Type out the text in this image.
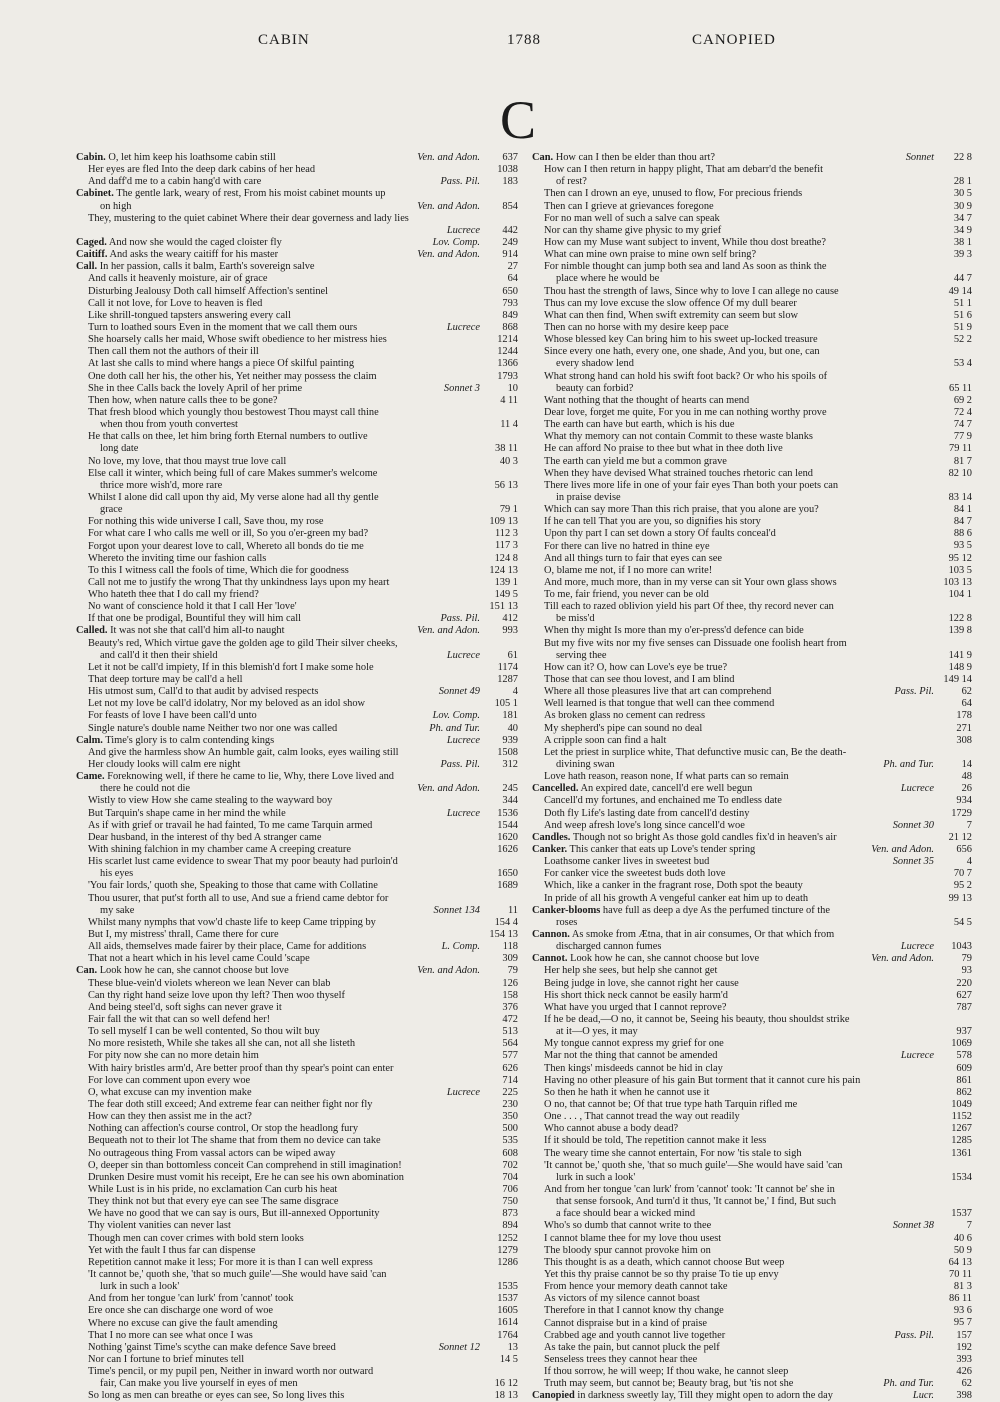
CABIN	1788	CANOPIED
C
Cabin. O, let him keep his loathsome cabin still	Ven. and Adon.	637
Her eyes are fled Into the deep dark cabins of her head	1038
And daff'd me to a cabin hang'd with care	Pass. Pil.	183
Cabinet. The gentle lark, weary of rest, From his moist cabinet mounts up
on high	Ven. and Adon.	854
They, mustering to the quiet cabinet Where their dear governess and lady lies
Lucrece	442
Caged. And now she would the caged cloister fly	Lov. Comp.	249
Caitiff. And asks the weary caitiff for his master	Ven. and Adon.	914
Call. In her passion, calls it balm, Earth's sovereign salve	27
And calls it heavenly moisture, air of grace	64
Disturbing Jealousy Doth call himself Affection's sentinel	650
Call it not love, for Love to heaven is fled	793
Like shrill-tongued tapsters answering every call	849
Turn to loathed sours Even in the moment that we call them ours	Lucrece	868
She hoarsely calls her maid, Whose swift obedience to her mistress hies	1214
Then call them not the authors of their ill	1244
At last she calls to mind where hangs a piece Of skilful painting	1366
One doth call her his, the other his, Yet neither may possess the claim	1793
She in thee Calls back the lovely April of her prime	Sonnet 3	10
Then how, when nature calls thee to be gone?	4 11
That fresh blood which youngly thou bestowest Thou mayst call thine
when thou from youth convertest	11 4
He that calls on thee, let him bring forth Eternal numbers to outlive
long date	38 11
No love, my love, that thou mayst true love call	40 3
Else call it winter, which being full of care Makes summer's welcome
thrice more wish'd, more rare	56 13
Whilst I alone did call upon thy aid, My verse alone had all thy gentle
grace	79 1
For nothing this wide universe I call, Save thou, my rose	109 13
For what care I who calls me well or ill, So you o'er-green my bad?	112 3
Forgot upon your dearest love to call, Whereto all bonds do tie me	117 3
Whereto the inviting time our fashion calls	124 8
To this I witness call the fools of time, Which die for goodness	124 13
Call not me to justify the wrong That thy unkindness lays upon my heart	139 1
Who hateth thee that I do call my friend?	149 5
No want of conscience hold it that I call Her 'love'	151 13
If that one be prodigal, Bountiful they will him call	Pass. Pil.	412
Called. It was not she that call'd him all-to naught	Ven. and Adon.	993
Beauty's red, Which virtue gave the golden age to gild Their silver cheeks,
and call'd it then their shield	Lucrece	61
Let it not be call'd impiety, If in this blemish'd fort I make some hole	1174
That deep torture may be call'd a hell	1287
His utmost sum, Call'd to that audit by advised respects	Sonnet 49	4
Let not my love be call'd idolatry, Nor my beloved as an idol show	105 1
For feasts of love I have been call'd unto	Lov. Comp.	181
Single nature's double name Neither two nor one was called	Ph. and Tur.	40
Calm. Time's glory is to calm contending kings	Lucrece	939
And give the harmless show An humble gait, calm looks, eyes wailing still	1508
Her cloudy looks will calm ere night	Pass. Pil.	312
Came. Foreknowing well, if there he came to lie, Why, there Love lived and
there he could not die	Ven. and Adon.	245
Wistly to view How she came stealing to the wayward boy	344
But Tarquin's shape came in her mind the while	Lucrece	1536
As if with grief or travail he had fainted, To me came Tarquin armed	1544
Dear husband, in the interest of thy bed A stranger came	1620
With shining falchion in my chamber came A creeping creature	1626
His scarlet lust came evidence to swear That my poor beauty had purloin'd
his eyes	1650
'You fair lords,' quoth she, Speaking to those that came with Collatine	1689
Thou usurer, that put'st forth all to use, And sue a friend came debtor for
my sake	Sonnet 134	11
Whilst many nymphs that vow'd chaste life to keep Came tripping by	154 4
But I, my mistress' thrall, Came there for cure	154 13
All aids, themselves made fairer by their place, Came for additions	L. Comp.	118
That not a heart which in his level came Could 'scape	309
Can. Look how he can, she cannot choose but love	Ven. and Adon.	79
These blue-vein'd violets whereon we lean Never can blab	126
Can thy right hand seize love upon thy left? Then woo thyself	158
And being steel'd, soft sighs can never grave it	376
Fair fall the wit that can so well defend her!	472
To sell myself I can be well contented, So thou wilt buy	513
No more resisteth, While she takes all she can, not all she listeth	564
For pity now she can no more detain him	577
With hairy bristles arm'd, Are better proof than thy spear's point can enter	626
For love can comment upon every woe	714
O, what excuse can my invention make	Lucrece	225
The fear doth still exceed; And extreme fear can neither fight nor fly	230
How can they then assist me in the act?	350
Nothing can affection's course control, Or stop the headlong fury	500
Bequeath not to their lot The shame that from them no device can take	535
No outrageous thing From vassal actors can be wiped away	608
O, deeper sin than bottomless conceit Can comprehend in still imagination!	702
Drunken Desire must vomit his receipt, Ere he can see his own abomination	704
While Lust is in his pride, no exclamation Can curb his heat	706
They think not but that every eye can see The same disgrace	750
We have no good that we can say is ours, But ill-annexed Opportunity	873
Thy violent vanities can never last	894
Though men can cover crimes with bold stern looks	1252
Yet with the fault I thus far can dispense	1279
Repetition cannot make it less; For more it is than I can well express	1286
'It cannot be,' quoth she, 'that so much guile'—She would have said 'can
lurk in such a look'	1535
And from her tongue 'can lurk' from 'cannot' took	1537
Ere once she can discharge one word of woe	1605
Where no excuse can give the fault amending	1614
That I no more can see what once I was	1764
Nothing 'gainst Time's scythe can make defence Save breed	Sonnet 12	13
Nor can I fortune to brief minutes tell	14 5
Time's pencil, or my pupil pen, Neither in inward worth nor outward
fair, Can make you live yourself in eyes of men	16 12
So long as men can breathe or eyes can see, So long lives this	18 13
Can. How can I then be elder than thou art?	Sonnet	22 8
How can I then return in happy plight, That am debarr'd the benefit
of rest?	28 1
Then can I drown an eye, unused to flow, For precious friends	30 5
Then can I grieve at grievances foregone	30 9
For no man well of such a salve can speak	34 7
Nor can thy shame give physic to my grief	34 9
How can my Muse want subject to invent, While thou dost breathe?	38 1
What can mine own praise to mine own self bring?	39 3
For nimble thought can jump both sea and land As soon as think the
place where he would be	44 7
Thou hast the strength of laws, Since why to love I can allege no cause	49 14
Thus can my love excuse the slow offence Of my dull bearer	51 1
What can then find, When swift extremity can seem but slow	51 6
Then can no horse with my desire keep pace	51 9
Whose blessed key Can bring him to his sweet up-locked treasure	52 2
Since every one hath, every one, one shade, And you, but one, can
every shadow lend	53 4
What strong hand can hold his swift foot back? Or who his spoils of
beauty can forbid?	65 11
Want nothing that the thought of hearts can mend	69 2
Dear love, forget me quite, For you in me can nothing worthy prove	72 4
The earth can have but earth, which is his due	74 7
What thy memory can not contain Commit to these waste blanks	77 9
He can afford No praise to thee but what in thee doth live	79 11
The earth can yield me but a common grave	81 7
When they have devised What strained touches rhetoric can lend	82 10
There lives more life in one of your fair eyes Than both your poets can
in praise devise	83 14
Which can say more Than this rich praise, that you alone are you?	84 1
If he can tell That you are you, so dignifies his story	84 7
Upon thy part I can set down a story Of faults conceal'd	88 6
For there can live no hatred in thine eye	93 5
And all things turn to fair that eyes can see	95 12
O, blame me not, if I no more can write!	103 5
And more, much more, than in my verse can sit Your own glass shows	103 13
To me, fair friend, you never can be old	104 1
Till each to razed oblivion yield his part Of thee, thy record never can
be miss'd	122 8
When thy might Is more than my o'er-press'd defence can bide	139 8
But my five wits nor my five senses can Dissuade one foolish heart from
serving thee	141 9
How can it? O, how can Love's eye be true?	148 9
Those that can see thou lovest, and I am blind	149 14
Where all those pleasures live that art can comprehend	Pass. Pil.	62
Well learned is that tongue that well can thee commend	64
As broken glass no cement can redress	178
My shepherd's pipe can sound no deal	271
A cripple soon can find a halt	308
Let the priest in surplice white, That defunctive music can, Be the death-
divining swan	Ph. and Tur.	14
Love hath reason, reason none, If what parts can so remain	48
Cancelled. An expired date, cancell'd ere well begun	Lucrece	26
Cancell'd my fortunes, and enchained me To endless date	934
Doth fly Life's lasting date from cancell'd destiny	1729
And weep afresh love's long since cancell'd woe	Sonnet 30	7
Candles. Though not so bright As those gold candles fix'd in heaven's air	21 12
Canker. This canker that eats up Love's tender spring	Ven. and Adon.	656
Loathsome canker lives in sweetest bud	Sonnet 35	4
For canker vice the sweetest buds doth love	70 7
Which, like a canker in the fragrant rose, Doth spot the beauty	95 2
In pride of all his growth A vengeful canker eat him up to death	99 13
Canker-blooms have full as deep a dye As the perfumed tincture of the
roses	54 5
Cannon. As smoke from Ætna, that in air consumes, Or that which from
discharged cannon fumes	Lucrece	1043
Cannot. Look how he can, she cannot choose but love	Ven. and Adon.	79
Her help she sees, but help she cannot get	93
Being judge in love, she cannot right her cause	220
His short thick neck cannot be easily harm'd	627
What have you urged that I cannot reprove?	787
If he be dead,—O no, it cannot be, Seeing his beauty, thou shouldst strike
at it—O yes, it may	937
My tongue cannot express my grief for one	1069
Mar not the thing that cannot be amended	Lucrece	578
Then kings' misdeeds cannot be hid in clay	609
Having no other pleasure of his gain But torment that it cannot cure his pain	861
So then he hath it when he cannot use it	862
O no, that cannot be; Of that true type hath Tarquin rifled me	1049
One . . . , That cannot tread the way out readily	1152
Who cannot abuse a body dead?	1267
If it should be told, The repetition cannot make it less	1285
The weary time she cannot entertain, For now 'tis stale to sigh	1361
'It cannot be,' quoth she, 'that so much guile'—She would have said 'can
lurk in such a look'	1534
And from her tongue 'can lurk' from 'cannot' took: 'It cannot be' she in
that sense forsook, And turn'd it thus, 'It cannot be,' I find, But such
a face should bear a wicked mind	1537
Who's so dumb that cannot write to thee	Sonnet 38	7
I cannot blame thee for my love thou usest	40 6
The bloody spur cannot provoke him on	50 9
This thought is as a death, which cannot choose But weep	64 13
Yet this thy praise cannot be so thy praise To tie up envy	70 11
From hence your memory death cannot take	81 3
As victors of my silence cannot boast	86 11
Therefore in that I cannot know thy change	93 6
Cannot dispraise but in a kind of praise	95 7
Crabbed age and youth cannot live together	Pass. Pil.	157
As take the pain, but cannot pluck the pelf	192
Senseless trees they cannot hear thee	393
If thou sorrow, he will weep; If thou wake, he cannot sleep	426
Truth may seem, but cannot be; Beauty brag, but 'tis not she	Ph. and Tur.	62
Canopied in darkness sweetly lay, Till they might open to adorn the day	Lucr.	398
